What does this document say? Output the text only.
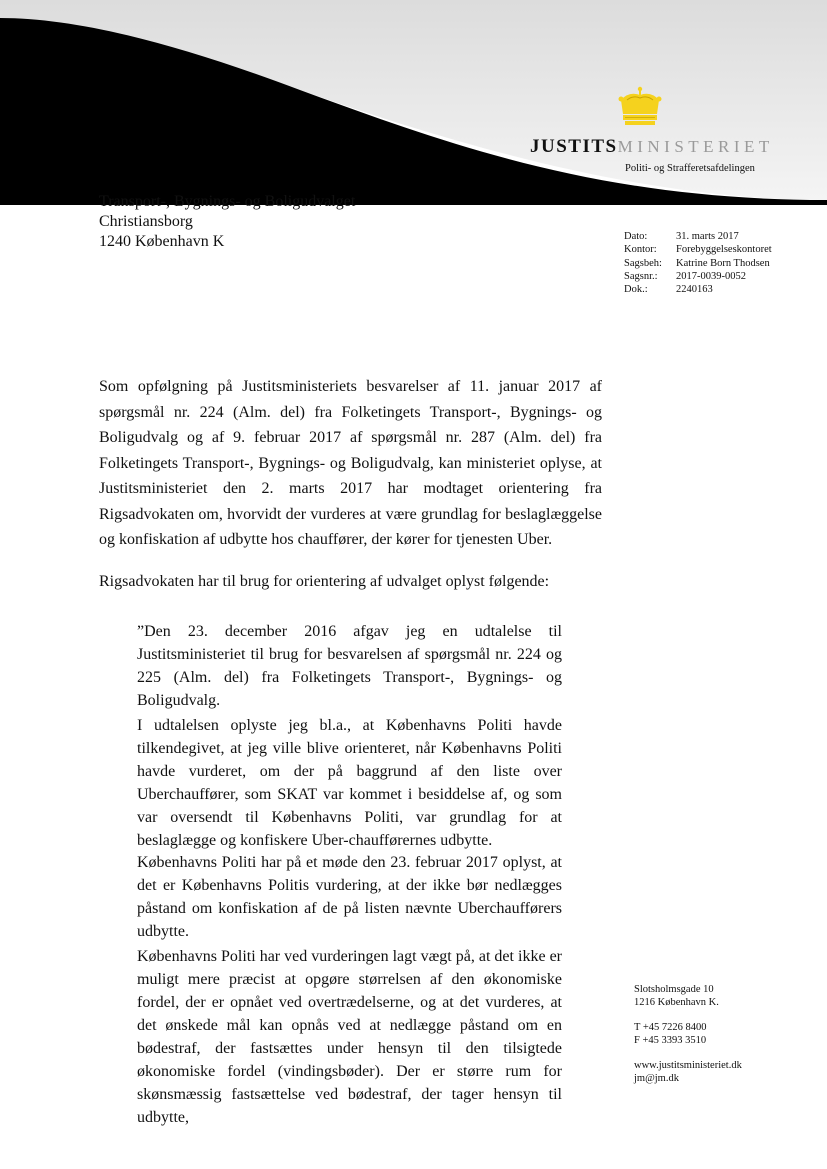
JUSTITSMINISTERIET
Politi- og Strafferetsafdelingen
Transport-, Bygnings- og Boligudvalget
Christiansborg
1240 København K	Dato:	31. marts 2017
Kontor:	Forebyggelseskontoret
Sagsbeh:	Katrine Born Thodsen
Sagsnr.:	2017-0039-0052
Dok.:	2240163

Som opfølgning på Justitsministeriets besvarelser af 11. januar 2017 af spørgsmål nr. 224 (Alm. del) fra Folketingets Transport-, Bygnings- og Boligudvalg og af 9. februar 2017 af spørgsmål nr. 287 (Alm. del) fra Folketingets Transport-, Bygnings- og Boligudvalg, kan ministeriet oplyse, at Justitsministeriet den 2. marts 2017 har modtaget orientering fra Rigsadvokaten om, hvorvidt der vurderes at være grundlag for beslaglæggelse og konfiskation af udbytte hos chauffører, der kører for tjenesten Uber.

Rigsadvokaten har til brug for orientering af udvalget oplyst følgende:

”Den 23. december 2016 afgav jeg en udtalelse til Justitsministeriet til brug for besvarelsen af spørgsmål nr. 224 og 225 (Alm. del) fra Folketingets Transport-, Bygnings- og Boligudvalg.

I udtalelsen oplyste jeg bl.a., at Københavns Politi havde tilkendegivet, at jeg ville blive orienteret, når Københavns Politi havde vurderet, om der på baggrund af den liste over Uberchauffører, som SKAT var kommet i besiddelse af, og som var oversendt til Københavns Politi, var grundlag for at beslaglægge og konfiskere Uber-chaufførernes udbytte.

Københavns Politi har på et møde den 23. februar 2017 oplyst, at det er Københavns Politis vurdering, at der ikke bør nedlægges påstand om konfiskation af de på listen nævnte Uberchaufførers udbytte.

Københavns Politi har ved vurderingen lagt vægt på, at det ikke er muligt mere præcist at opgøre størrelsen af den økonomiske fordel, der er opnået ved overtrædelserne, og at det vurderes, at det ønskede mål kan opnås ved at nedlægge påstand om en bødestraf, der fastsættes under hensyn til den tilsigtede økonomiske fordel (vindingsbøder). Der er større rum for skønsmæssig fastsættelse ved bødestraf, der tager hensyn til udbytte,

Slotsholmsgade 10
1216 København K.
T +45 7226 8400
F +45 3393 3510
www.justitsministeriet.dk
jm@jm.dk
